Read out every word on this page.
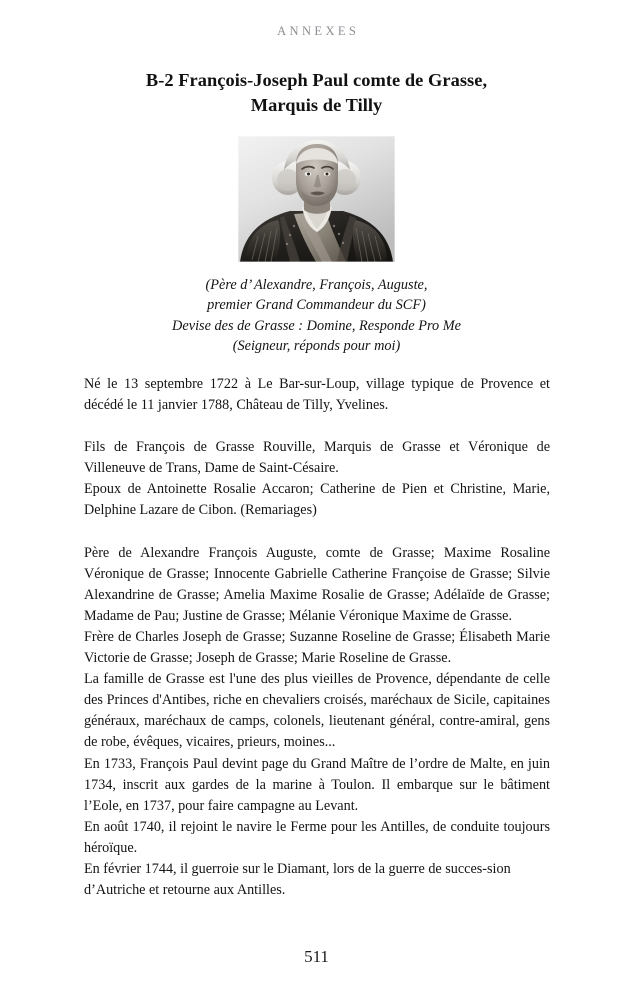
ANNEXES
B-2 François-Joseph Paul comte de Grasse,
Marquis de Tilly
(Père d’ Alexandre, François, Auguste,
premier Grand Commandeur du SCF)
Devise des de Grasse : Domine, Responde Pro Me
(Seigneur, réponds pour moi)

Né le 13 septembre 1722 à Le Bar-sur-Loup, village typique de Provence et décédé le 11 janvier 1788, Château de Tilly, Yvelines.

Fils de François de Grasse Rouville, Marquis de Grasse et Véronique de Villeneuve de Trans, Dame de Saint-Césaire.

Epoux de Antoinette Rosalie Accaron; Catherine de Pien et Christine, Marie, Delphine Lazare de Cibon. (Remariages)

Père de Alexandre François Auguste, comte de Grasse; Maxime Rosaline Véronique de Grasse; Innocente Gabrielle Catherine Françoise de Grasse; Silvie Alexandrine de Grasse; Amelia Maxime Rosalie de Grasse; Adélaïde de Grasse; Madame de Pau; Justine de Grasse; Mélanie Véronique Maxime de Grasse.

Frère de Charles Joseph de Grasse; Suzanne Roseline de Grasse; Élisabeth Marie Victorie de Grasse; Joseph de Grasse; Marie Roseline de Grasse.

La famille de Grasse est l'une des plus vieilles de Provence, dépendante de celle des Princes d'Antibes, riche en chevaliers croisés, maréchaux de Sicile, capitaines généraux, maréchaux de camps, colonels, lieutenant général, contre-amiral, gens de robe, évêques, vicaires, prieurs, moines...

En 1733, François Paul devint page du Grand Maître de l’ordre de Malte, en juin 1734, inscrit aux gardes de la marine à Toulon. Il embarque sur le bâtiment l’Eole, en 1737, pour faire campagne au Levant.

En août 1740, il rejoint le navire le Ferme pour les Antilles, de conduite toujours héroïque.

En février 1744, il guerroie sur le Diamant, lors de la guerre de succes-sion d’Autriche et retourne aux Antilles.

511
